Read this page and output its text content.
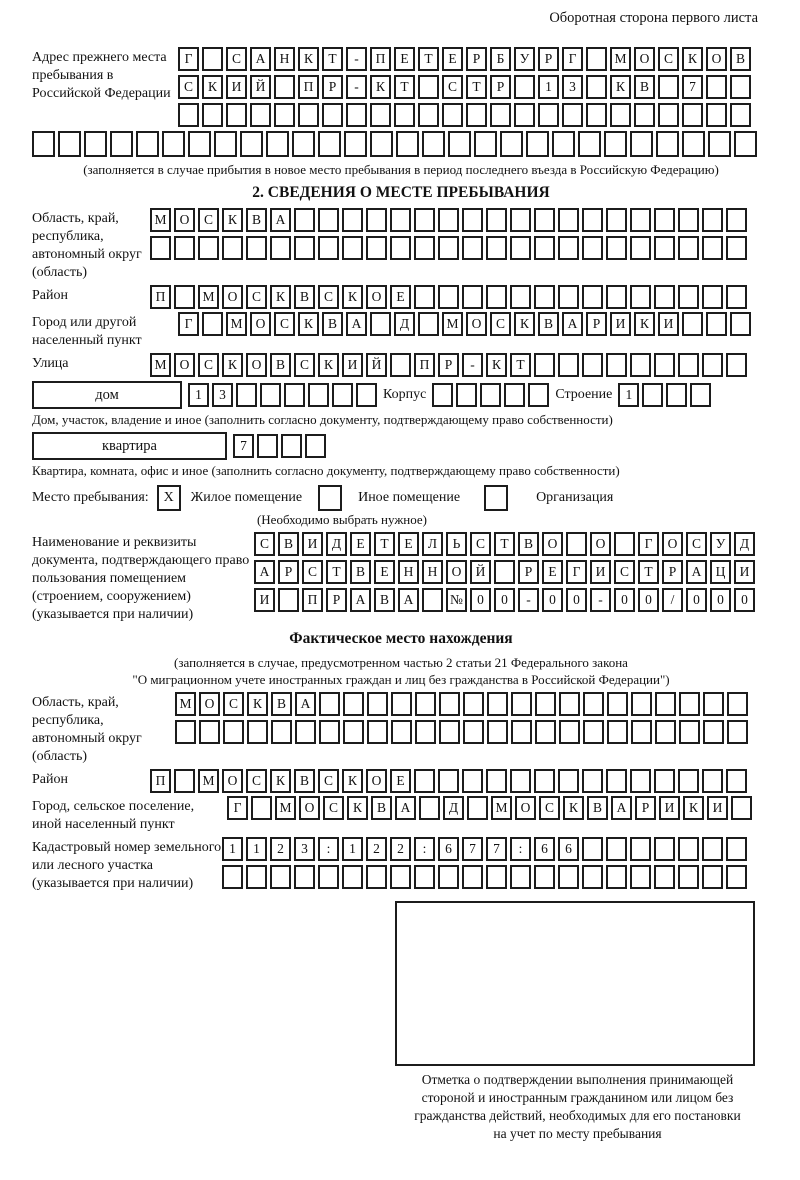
Оборотная сторона первого листа
Адрес прежнего места пребывания в Российской Федерации
Г	С	А	Н	К	Т	-	П	Е	Т	Е	Р	Б	У	Р	Г	М О	С	К	О	В
С	К	И	Й	П	Р	-	К	Т	С	Т	Р	1	3	К	В	7
(заполняется в случае прибытия в новое место пребывания в период последнего въезда в Российскую Федерацию)
2. СВЕДЕНИЯ О МЕСТЕ ПРЕБЫВАНИЯ
Область, край, республика, автономный округ (область)
М О	С	К	В	А
Район	П	М О	С	К	В	С	К	О	Е
Город или другой населенный пункт
Г	М О	С	К	В	А	Д	М О	С	К	В	А	Р	И	К	И
Улица	М О	С	К	О	В	С	К	И	Й	П	Р	-	К	Т
дом	1	3	Корпус	Строение 1
Дом, участок, владение и иное (заполнить согласно документу, подтверждающему право собственности)
квартира	7
Квартира, комната, офис и иное (заполнить согласно документу, подтверждающему право собственности)
Место пребывания:	X	Жилое помещение	Иное помещение	Организация
(Необходимо выбрать нужное)
Наименование и реквизиты документа, подтверждающего право пользования помещением (строением, сооружением) (указывается при наличии)
С	В	И	Д	Е	Т	Е	Л	Ь	С	Т	В	О	О	Г	О	С	У	Д
А	Р	С	Т	В	Е	Н	Н	О	Й	Р	Е	Г	И	С	Т	Р	А	Ц	И
И	П	Р	А	В	А	№	0	0	-	0	0	-	0	0	/	0	0	0
Фактическое место нахождения
(заполняется в случае, предусмотренном частью 2 статьи 21 Федерального закона
"О миграционном учете иностранных граждан и лиц без гражданства в Российской Федерации")
Область, край, республика, автономный округ (область)
М О	С	К	В	А
Район	П	М О	С	К	В	С	К	О	Е
Город, сельское поселение, иной населенный пункт
Г	М О	С	К	В	А	Д	М О	С	К	В	А	Р	И	К	И
Кадастровый номер земельного или лесного участка (указывается при наличии)
1	1	2	3	:	1	2	2	:	6	7	7	:	6	6
Отметка о подтверждении выполнения принимающей
стороной и иностранным гражданином или лицом без
гражданства действий, необходимых для его постановки
на учет по месту пребывания
